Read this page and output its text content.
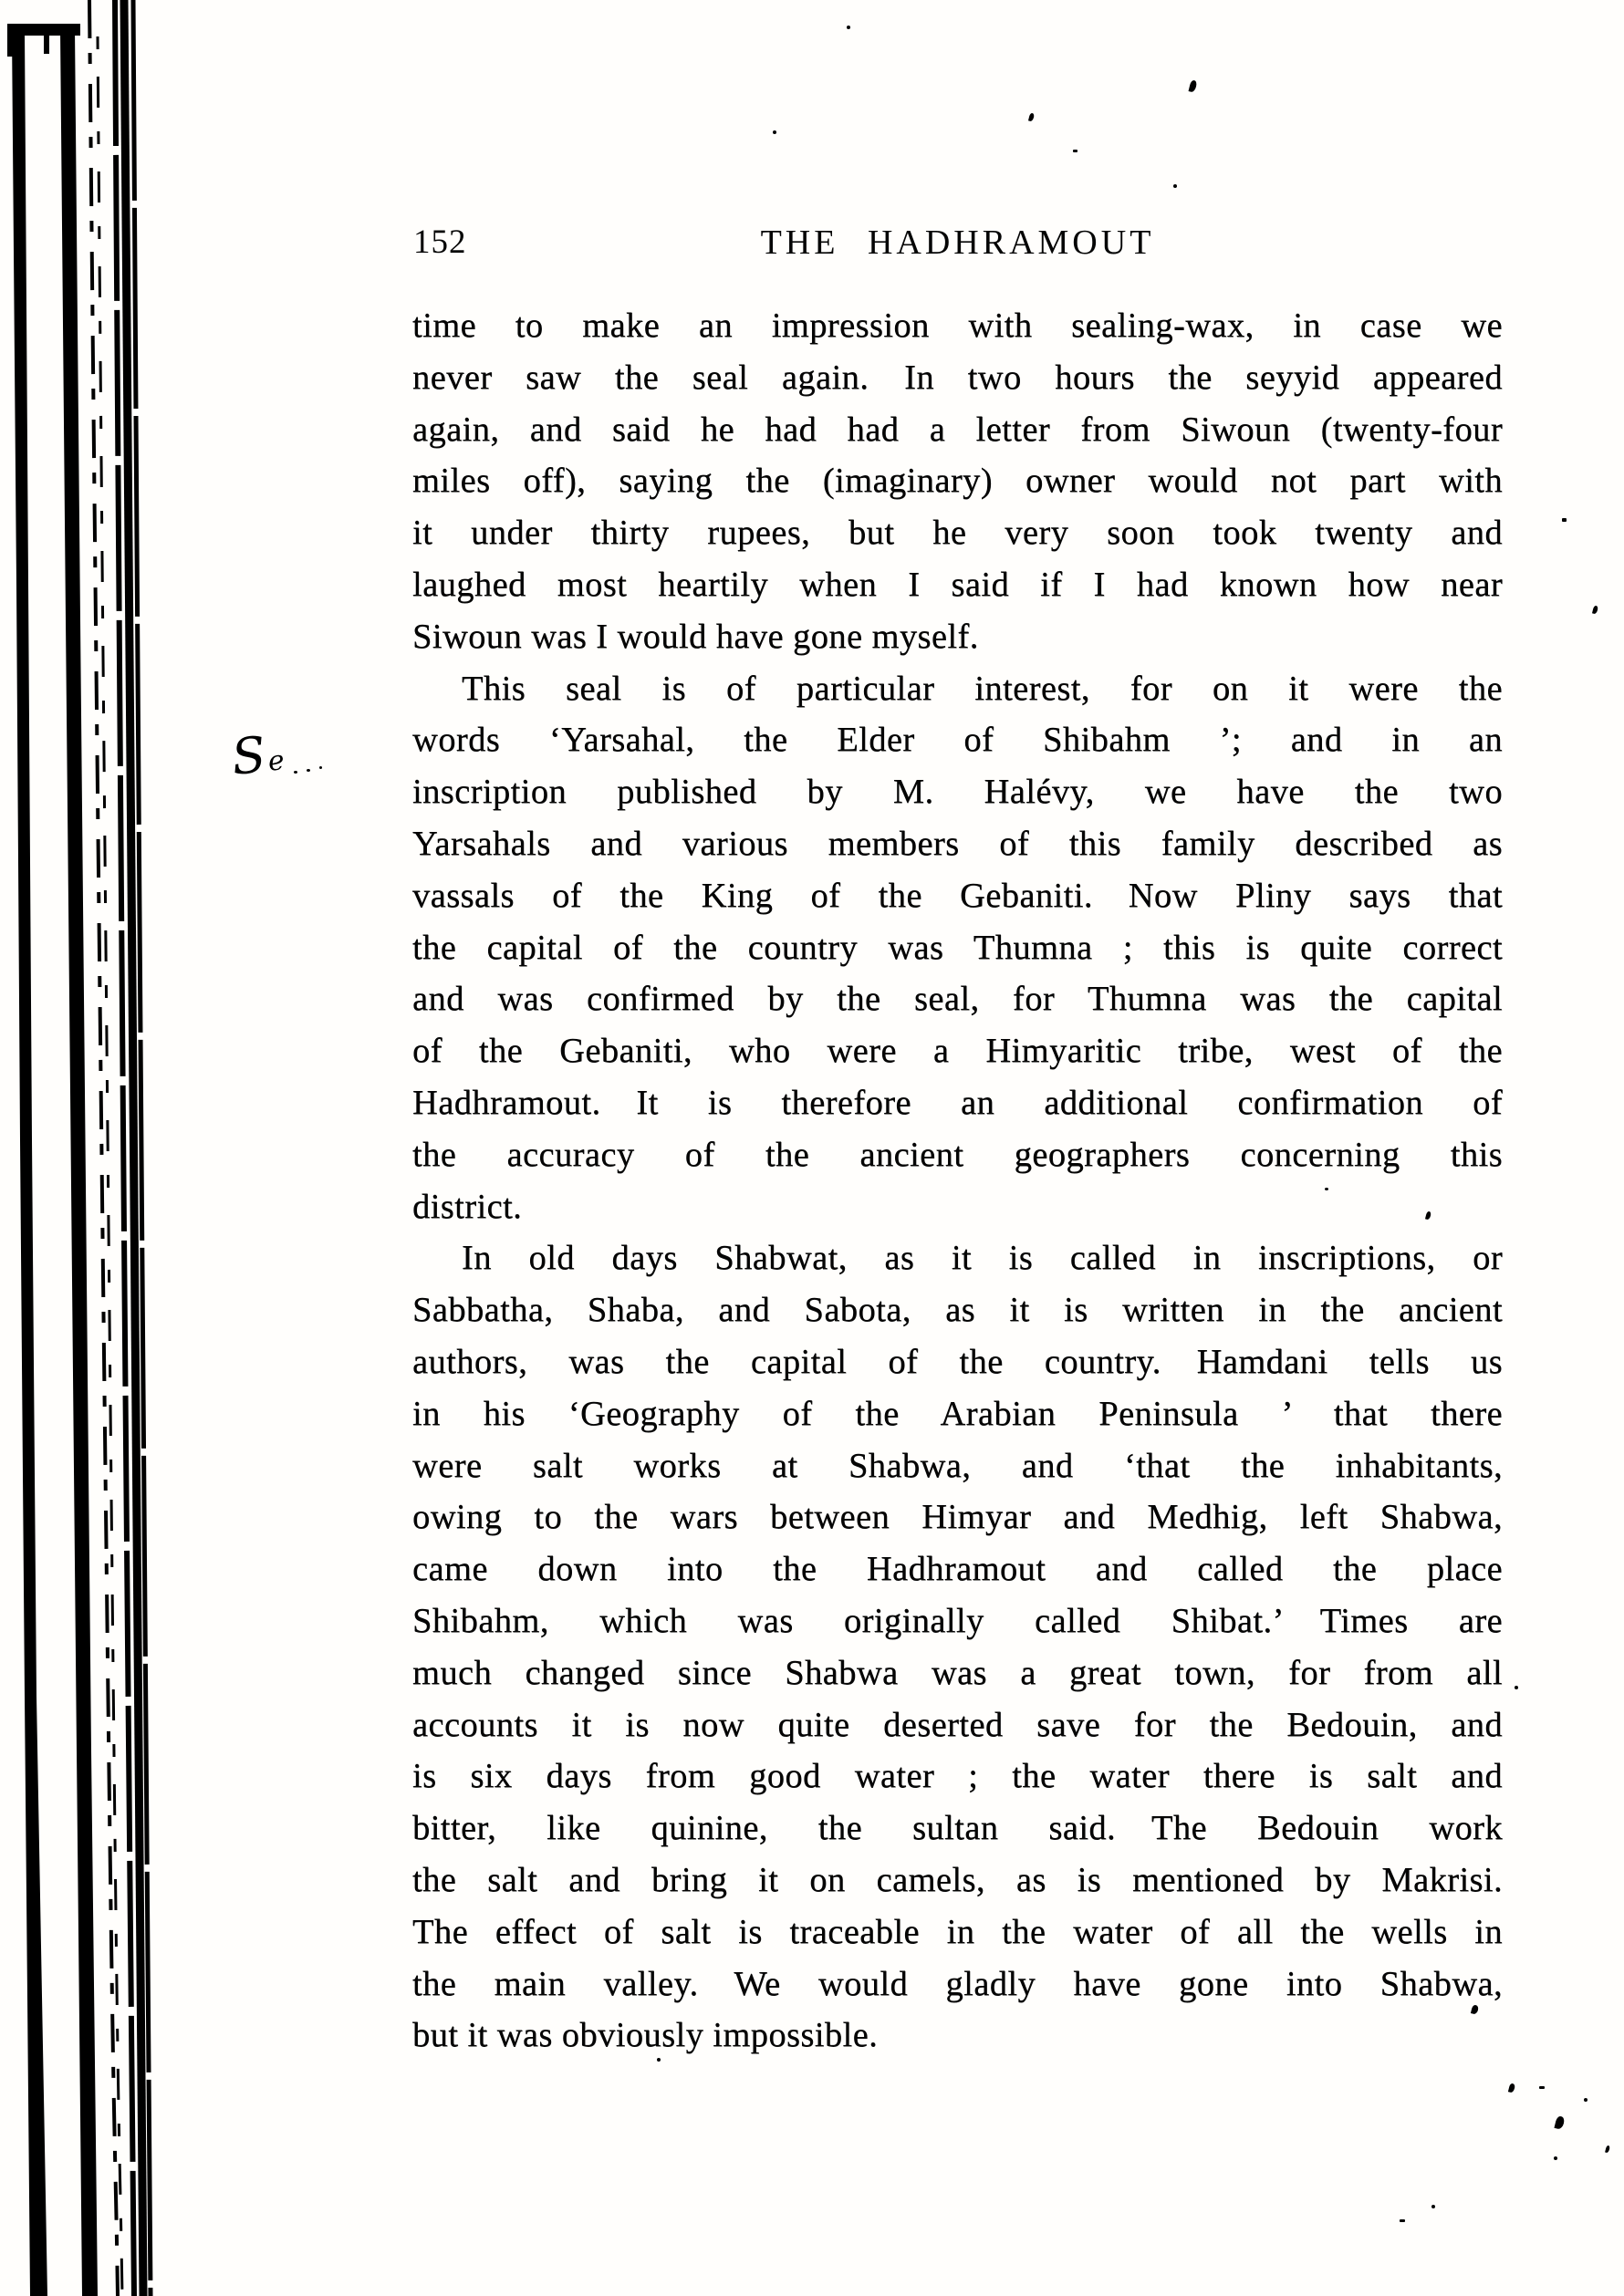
152	THE HADHRAMOUT
Se
time to make an impression with sealing-wax, in case we
never saw the seal again. In two hours the seyyid appeared
again, and said he had had a letter from Siwoun (twenty-four
miles off), saying the (imaginary) owner would not part with
it under thirty rupees, but he very soon took twenty and
laughed most heartily when I said if I had known how near
Siwoun was I would have gone myself.
This seal is of particular interest, for on it were the
words ‘Yarsahal, the Elder of Shibahm ’; and in an
inscription published by M. Halévy, we have the two
Yarsahals and various members of this family described as
vassals of the King of the Gebaniti. Now Pliny says that
the capital of the country was Thumna ; this is quite correct
and was confirmed by the seal, for Thumna was the capital
of the Gebaniti, who were a Himyaritic tribe, west of the
Hadhramout. It is therefore an additional confirmation of
the accuracy of the ancient geographers concerning this
district.
In old days Shabwat, as it is called in inscriptions, or
Sabbatha, Shaba, and Sabota, as it is written in the ancient
authors, was the capital of the country. Hamdani tells us
in his ‘Geography of the Arabian Peninsula ’ that there
were salt works at Shabwa, and ‘that the inhabitants,
owing to the wars between Himyar and Medhig, left Shabwa,
came down into the Hadhramout and called the place
Shibahm, which was originally called Shibat.’ Times are
much changed since Shabwa was a great town, for from all
accounts it is now quite deserted save for the Bedouin, and
is six days from good water ; the water there is salt and
bitter, like quinine, the sultan said. The Bedouin work
the salt and bring it on camels, as is mentioned by Makrisi.
The effect of salt is traceable in the water of all the wells in
the main valley. We would gladly have gone into Shabwa,
but it was obviously impossible.
